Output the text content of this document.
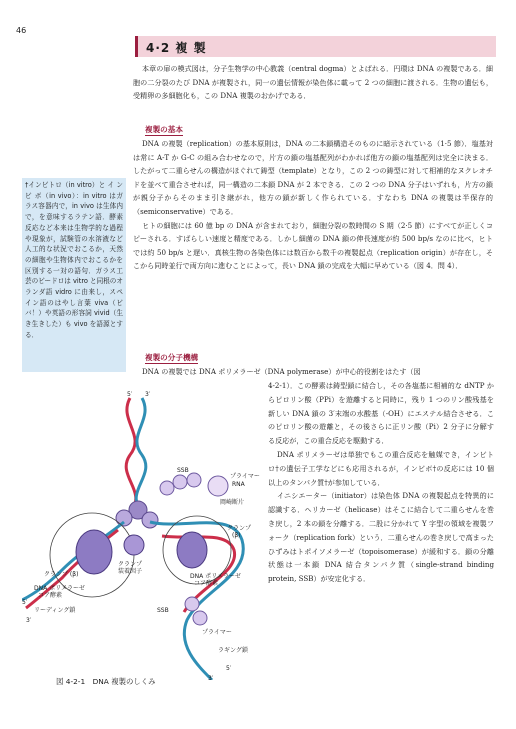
46
4·2 複 製

本章の扉の模式図は，分子生物学の中心教義（central dogma）とよばれる．円環は DNA の複製である．細胞の二分裂のたび DNA が複製され，同一の遺伝情報が染色体に載って 2 つの細胞に渡される．生物の遺伝も，受精卵の多細胞化も，この DNA 複製のおかげである．

複製の基本

DNA の複製（replication）の基本原則は，DNA の二本鎖構造そのものに暗示されている（1·5 節）．塩基対は常に A-T か G-C の組み合わせなので，片方の鎖の塩基配列がわかれば他方の鎖の塩基配列は完全に決まる．したがって二重らせんの構造がほぐれて鋳型（template）となり，この 2 つの鋳型に対して相補的なヌクレオチドを並べて重合させれば，同一構造の二本鎖 DNA が 2 本できる．この 2 つの DNA 分子はいずれも，片方の鎖が親分子からそのまま引き継がれ，他方の鎖が新しく作られている．すなわち DNA の複製は半保存的（semiconservative）である．

ヒトの細胞には 60 億 bp の DNA が含まれており，細胞分裂の数時間の S 期（2·5 節）にすべてが正しくコピーされる．すばらしい速度と精度である．しかし細菌の DNA 鎖の伸長速度が約 500 bp/s なのに比べ，ヒトでは約 50 bp/s と遅い．真核生物の各染色体には数百から数千の複製起点（replication origin）が存在し，そこから同時並行で両方向に進むことによって，長い DNA 鎖の完成を大幅に早めている（図 4．問 4）．

†インビトロ（in vitro）と イ ン ビ ボ（in vivo）：in vitro はガラス容器内で，in vivo は生体内で，を意味するラテン語．酵素反応など本来は生物学的な過程や現象が，試験管の水溶液など人工的な状況でおこるか，天然の細胞や生物体内でおこるかを区別する一対の語句．ガラス工芸のビードロは vitro と同根のオランダ語 vidro に由来し，スペイン語のはやし言葉 viva（ビバ！）や英語の形容詞 vivid（生き生きした）も vivo を語源とする．
複製の分子機構

DNA の複製では DNA ポリメラーゼ（DNA polymerase）が中心的役割をはたす（図

4-2-1）．この酵素は鋳型鎖に結合し，その各塩基に相補的な dNTP からピロリン酸（PPi）を遊離すると同時に，残り 1 つのリン酸残基を新しい DNA 鎖の 3′末端の水酸基（-OH）にエステル結合させる．このピロリン酸の遊離と，その後さらに正リン酸（Pi）2 分子に分解する反応が，この重合反応を駆動する．

DNA ポリメラーゼは単独でもこの重合反応を触媒でき，インビトロ†の遺伝子工学などにも応用されるが，インビボ†の反応には 10 個以上のタンパク質†が参加している．

イニシエーター（initiator）は染色体 DNA の複製起点を特異的に認識する．ヘリカーゼ（helicase）はそこに結合して二重らせんを巻き戻し，2 本の鎖を分離する．二股に分かれて Y 字型の領域を複製フォーク（replication fork）という．二重らせんの巻き戻しで高まったひずみはトポイソメラーゼ（topoisomerase）が緩和する．鎖の分離状態は一本鎖 DNA 結合タンパク質（single-strand binding protein, SSB）が安定化する．

5′ 3′
SSB
プライマー
RNA
岡崎断片
クランプ
(β)
クランプ
装着因子
クランプ (β)
DNA ポリメラーゼ
コア酵素
DNA ポリメラーゼ
コア酵素
SSB
プライマー
リーディング鎖
ラギング鎖
3′
5′
5′
3′
図 4-2-1　DNA 複製のしくみ
